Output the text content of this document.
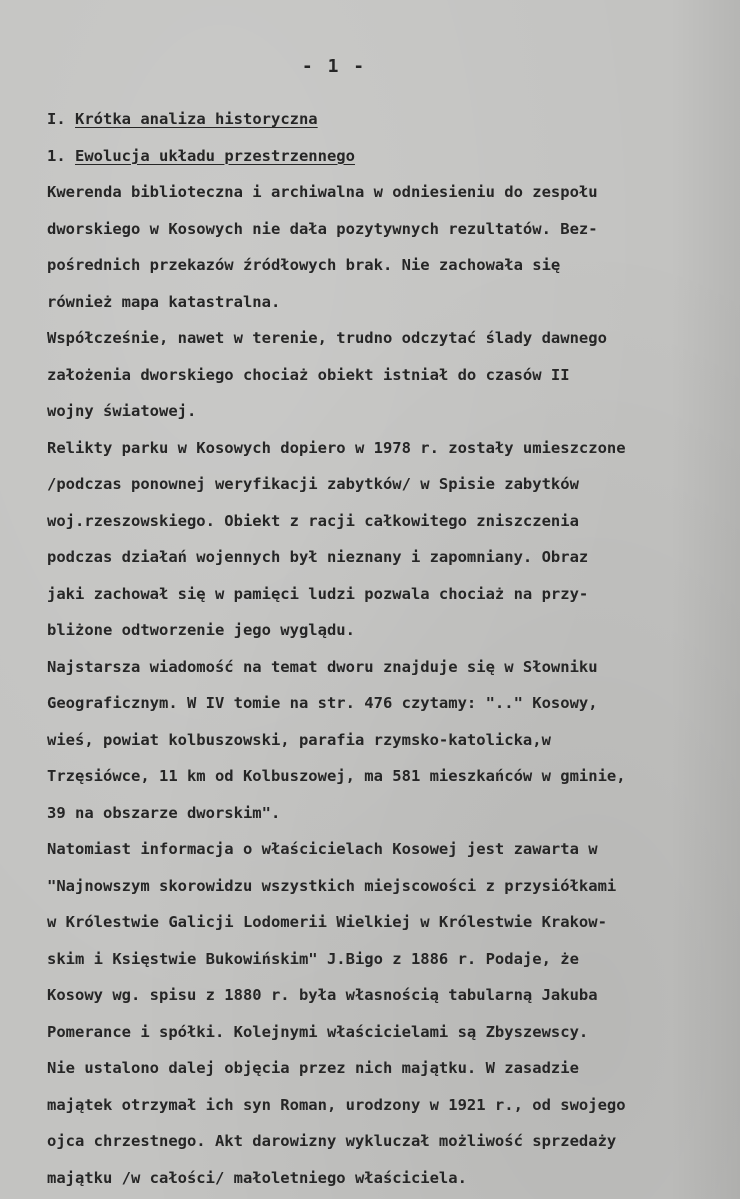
- 1 -
I. Krótka analiza historyczna
1. Ewolucja układu przestrzennego
Kwerenda biblioteczna i archiwalna w odniesieniu do zespołu
dworskiego w Kosowych nie dała pozytywnych rezultatów. Bez-
pośrednich przekazów źródłowych brak. Nie zachowała się
również mapa katastralna.
Współcześnie, nawet w terenie, trudno odczytać ślady dawnego
założenia dworskiego chociaż obiekt istniał do czasów II
wojny światowej.
Relikty parku w Kosowych dopiero w 1978 r. zostały umieszczone
/podczas ponownej weryfikacji zabytków/ w Spisie zabytków
woj.rzeszowskiego. Obiekt z racji całkowitego zniszczenia
podczas działań wojennych był nieznany i zapomniany. Obraz
jaki zachował się w pamięci ludzi pozwala chociaż na przy-
bliżone odtworzenie jego wyglądu.
Najstarsza wiadomość na temat dworu znajduje się w Słowniku
Geograficznym. W IV tomie na str. 476 czytamy: ".." Kosowy,
wieś, powiat kolbuszowski, parafia rzymsko-katolicka,w
Trzęsiówce, 11 km od Kolbuszowej, ma 581 mieszkańców w gminie,
39 na obszarze dworskim".
Natomiast informacja o właścicielach Kosowej jest zawarta w
"Najnowszym skorowidzu wszystkich miejscowości z przysiółkami
w Królestwie Galicji Lodomerii Wielkiej w Królestwie Krakow-
skim i Księstwie Bukowińskim" J.Bigo z 1886 r. Podaje, że
Kosowy wg. spisu z 1880 r. była własnością tabularną Jakuba
Pomerance i spółki. Kolejnymi właścicielami są Zbyszewscy.
Nie ustalono dalej objęcia przez nich majątku. W zasadzie
majątek otrzymał ich syn Roman, urodzony w 1921 r., od swojego
ojca chrzestnego. Akt darowizny wykluczał możliwość sprzedaży
majątku /w całości/ małoletniego właściciela.
